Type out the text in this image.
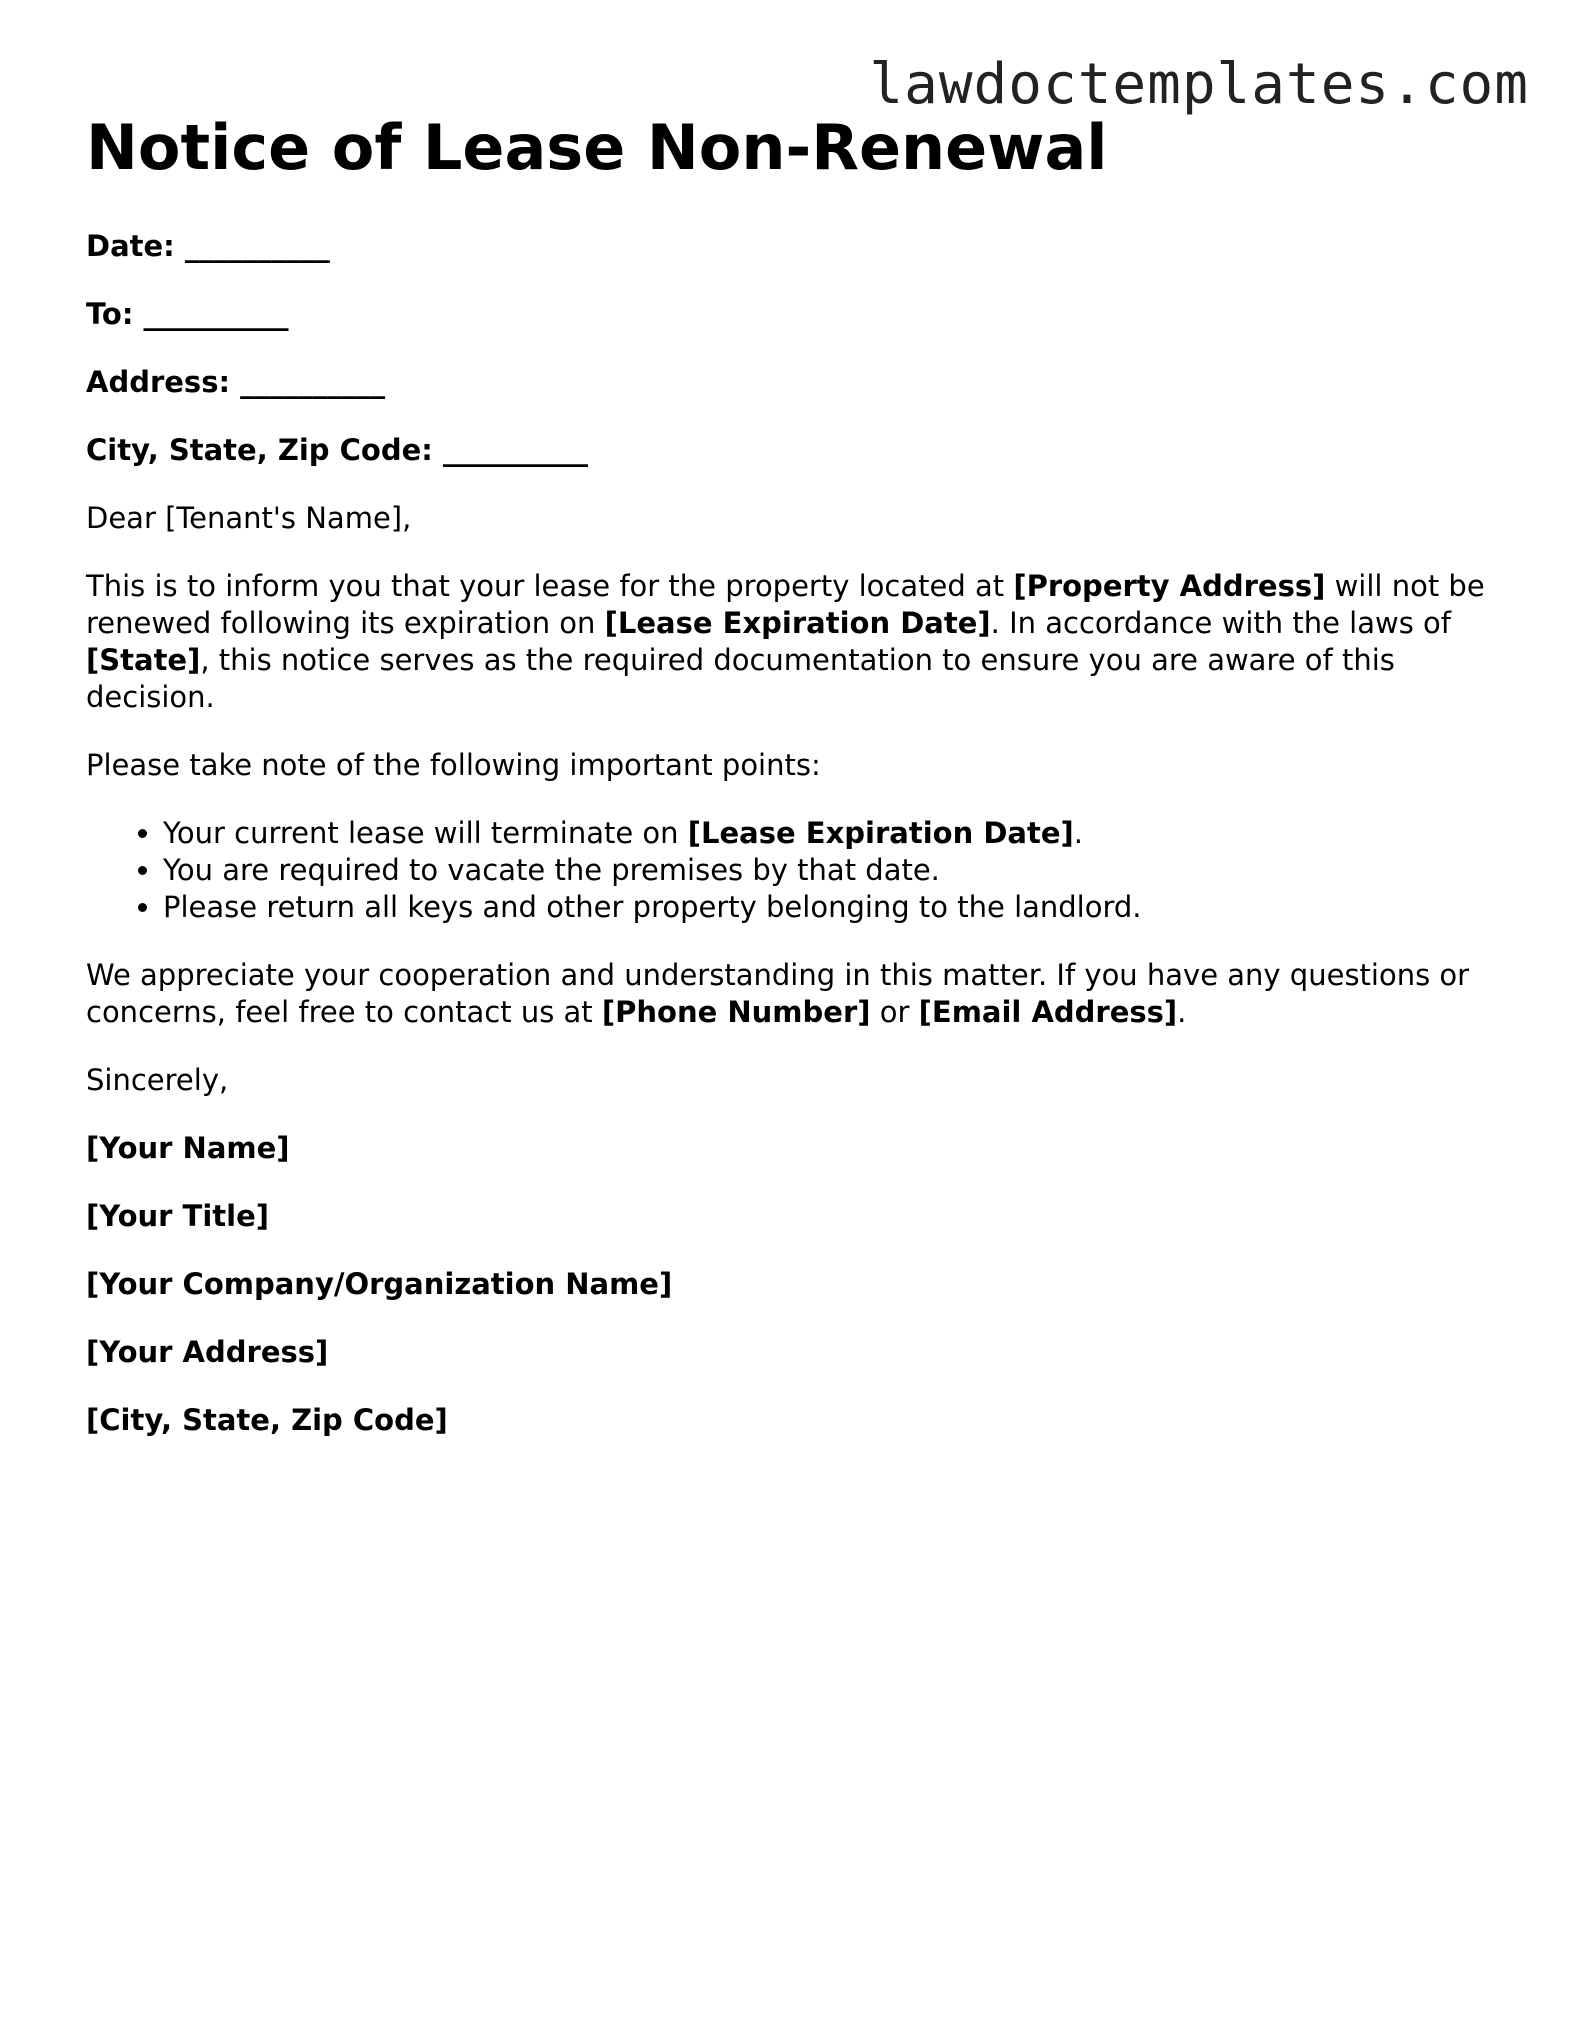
lawdoctemplates.com
Notice of Lease Non-Renewal
Date: __________
To: __________
Address: __________
City, State, Zip Code: __________

Dear [Tenant's Name],

This is to inform you that your lease for the property located at [Property Address] will not be renewed following its expiration on [Lease Expiration Date]. In accordance with the laws of [State], this notice serves as the required documentation to ensure you are aware of this decision.

Please take note of the following important points:

• Your current lease will terminate on [Lease Expiration Date].
• You are required to vacate the premises by that date.
• Please return all keys and other property belonging to the landlord.

We appreciate your cooperation and understanding in this matter. If you have any questions or concerns, feel free to contact us at [Phone Number] or [Email Address].

Sincerely,

[Your Name]
[Your Title]
[Your Company/Organization Name]
[Your Address]
[City, State, Zip Code]
